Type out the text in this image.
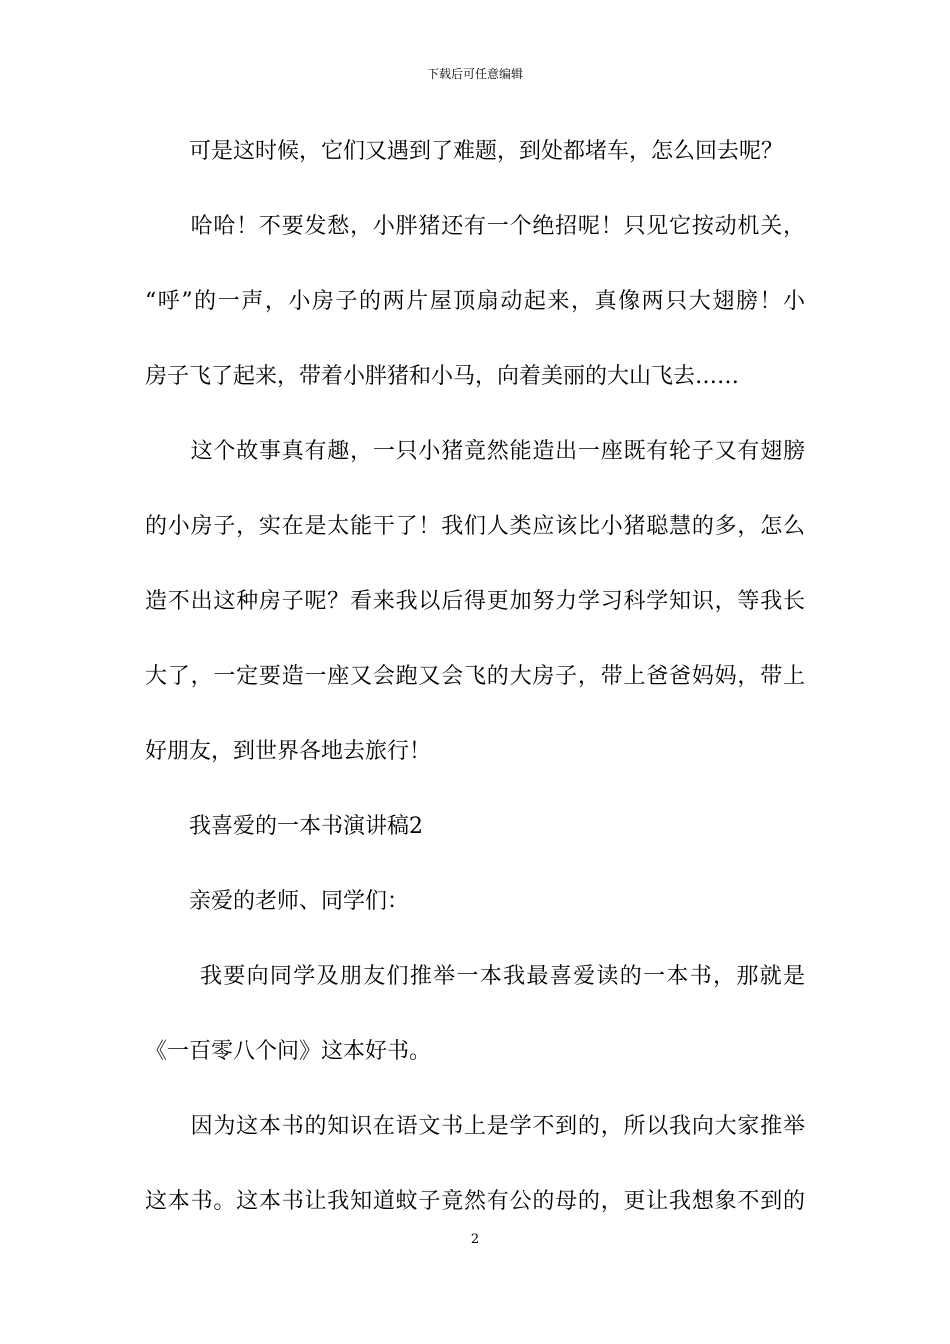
下载后可任意编辑
　　可是这时候，它们又遇到了难题，到处都堵车，怎么回去呢？
　　哈哈！不要发愁，小胖猪还有一个绝招呢！只见它按动机关，
“呼”的一声，小房子的两片屋顶扇动起来，真像两只大翅膀！小
房子飞了起来，带着小胖猪和小马，向着美丽的大山飞去……
　　这个故事真有趣，一只小猪竟然能造出一座既有轮子又有翅膀
的小房子，实在是太能干了！我们人类应该比小猪聪慧的多，怎么
造不出这种房子呢？看来我以后得更加努力学习科学知识，等我长
大了，一定要造一座又会跑又会飞的大房子，带上爸爸妈妈，带上
好朋友，到世界各地去旅行！
　　我喜爱的一本书演讲稿2
　　亲爱的老师、同学们：
　　 我要向同学及朋友们推举一本我最喜爱读的一本书，那就是
《一百零八个问》这本好书。
　　因为这本书的知识在语文书上是学不到的，所以我向大家推举
这本书。这本书让我知道蚊子竟然有公的母的，更让我想象不到的
2
